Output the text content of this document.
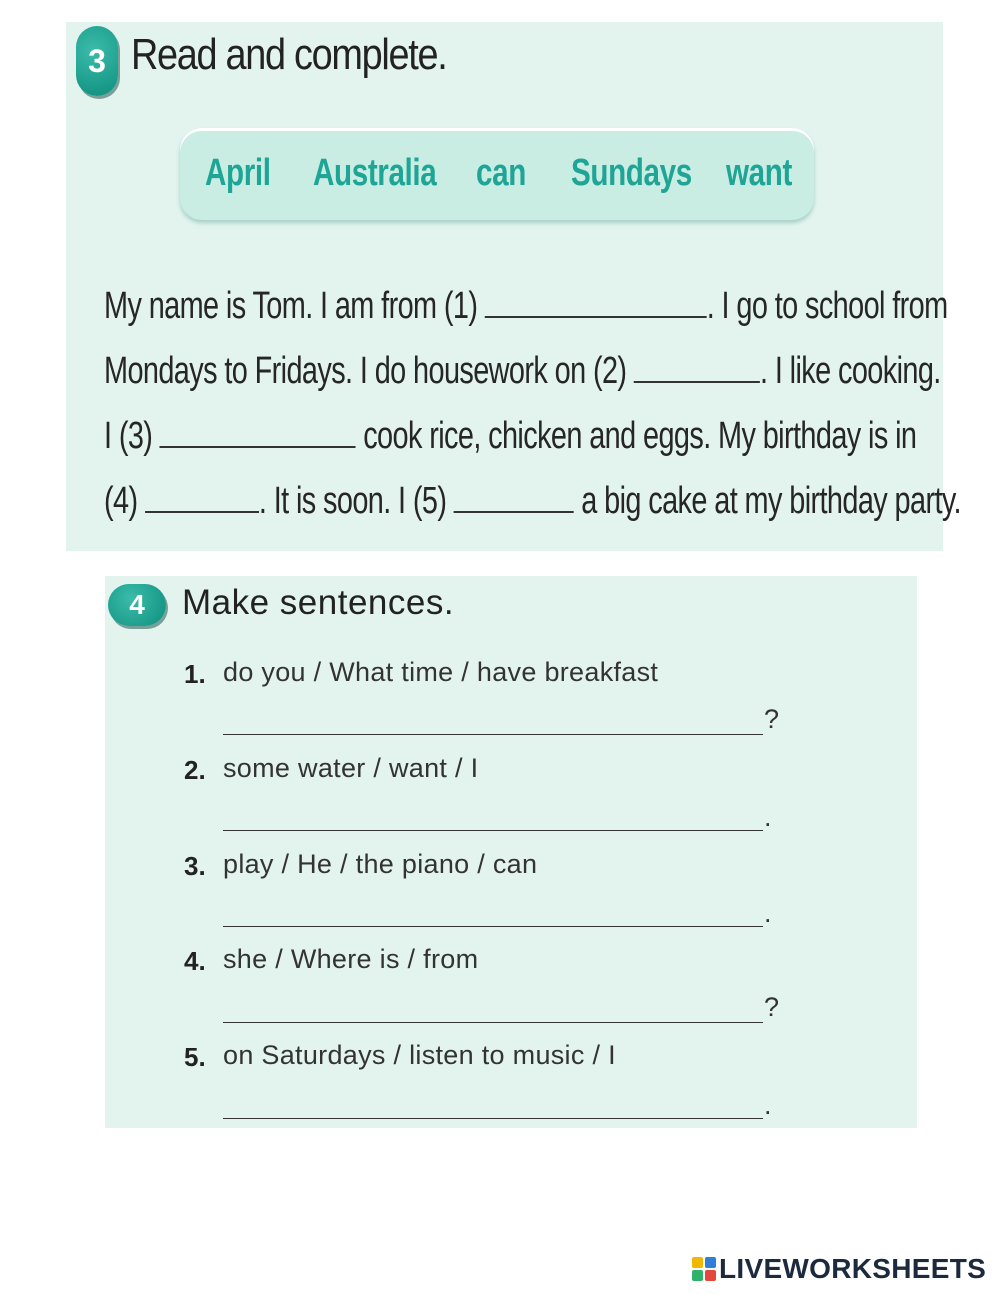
3 Read and complete.
April Australia can Sundays want
My name is Tom. I am from (1)	. I go to school from
Mondays to Fridays. I do housework on (2)	. I like cooking.
I (3)	cook rice, chicken and eggs. My birthday is in
(4)	. It is soon. I (5)	a big cake at my birthday party.
4	Make sentences.
1. do you / What time / have breakfast
?
2. some water / want / I
.
3. play / He / the piano / can
.
4. she / Where is / from
?
5. on Saturdays / listen to music / I
.
LIVEWORKSHEETS
